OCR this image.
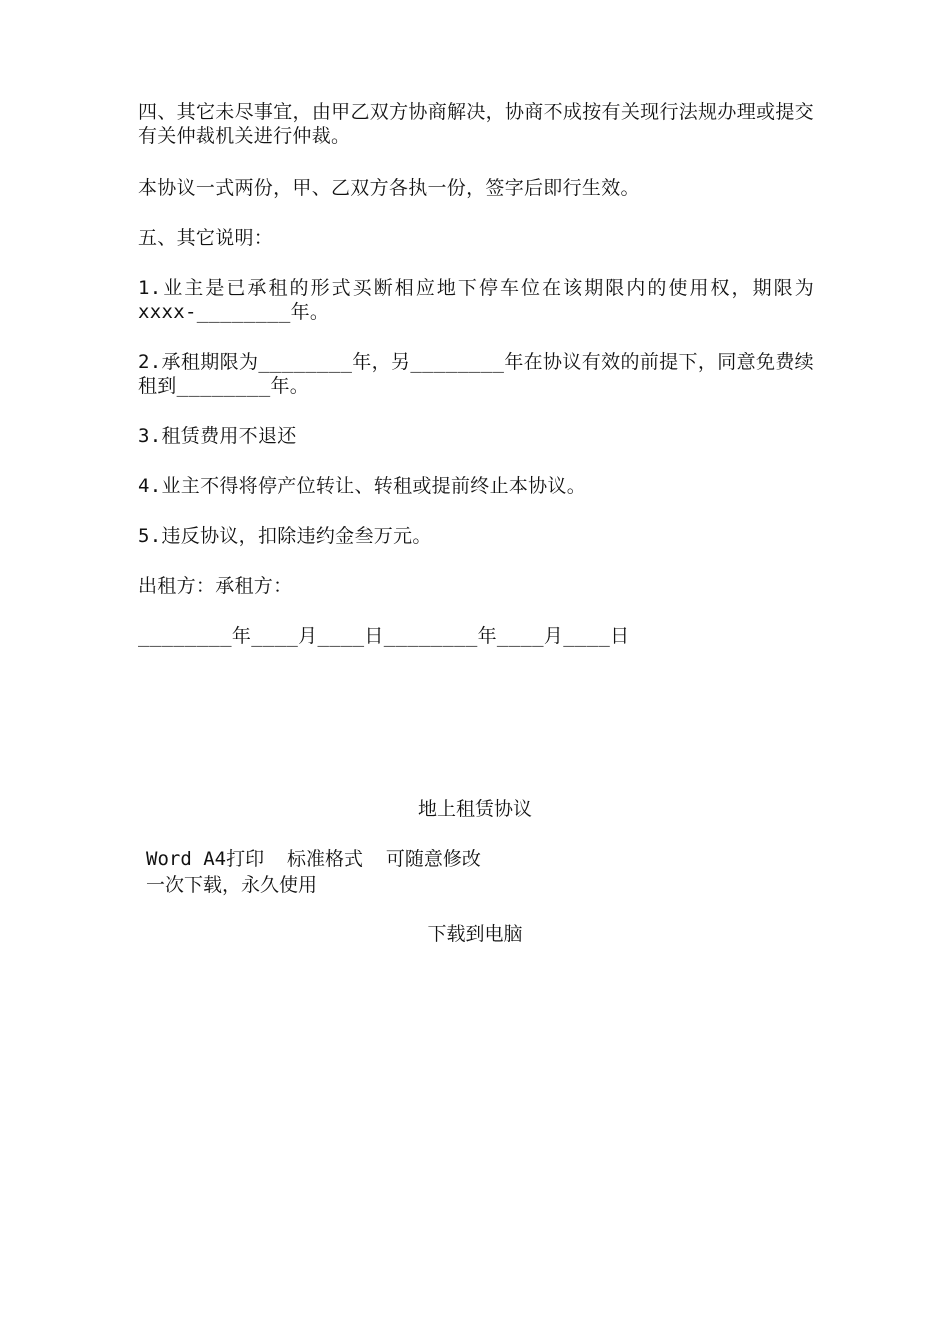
四、其它未尽事宜，由甲乙双方协商解决，协商不成按有关现行法规办理或提交有关仲裁机关进行仲裁。

本协议一式两份，甲、乙双方各执一份，签字后即行生效。

五、其它说明：

1.业主是已承租的形式买断相应地下停车位在该期限内的使用权，期限为xxxx-________年。

2.承租期限为________年，另________年在协议有效的前提下，同意免费续租到________年。

3.租赁费用不退还

4.业主不得将停产位转让、转租或提前终止本协议。

5.违反协议，扣除违约金叁万元。

出租方：承租方：

________年____月____日________年____月____日

地上租赁协议

Word A4打印  标准格式  可随意修改

一次下载，永久使用

下载到电脑
